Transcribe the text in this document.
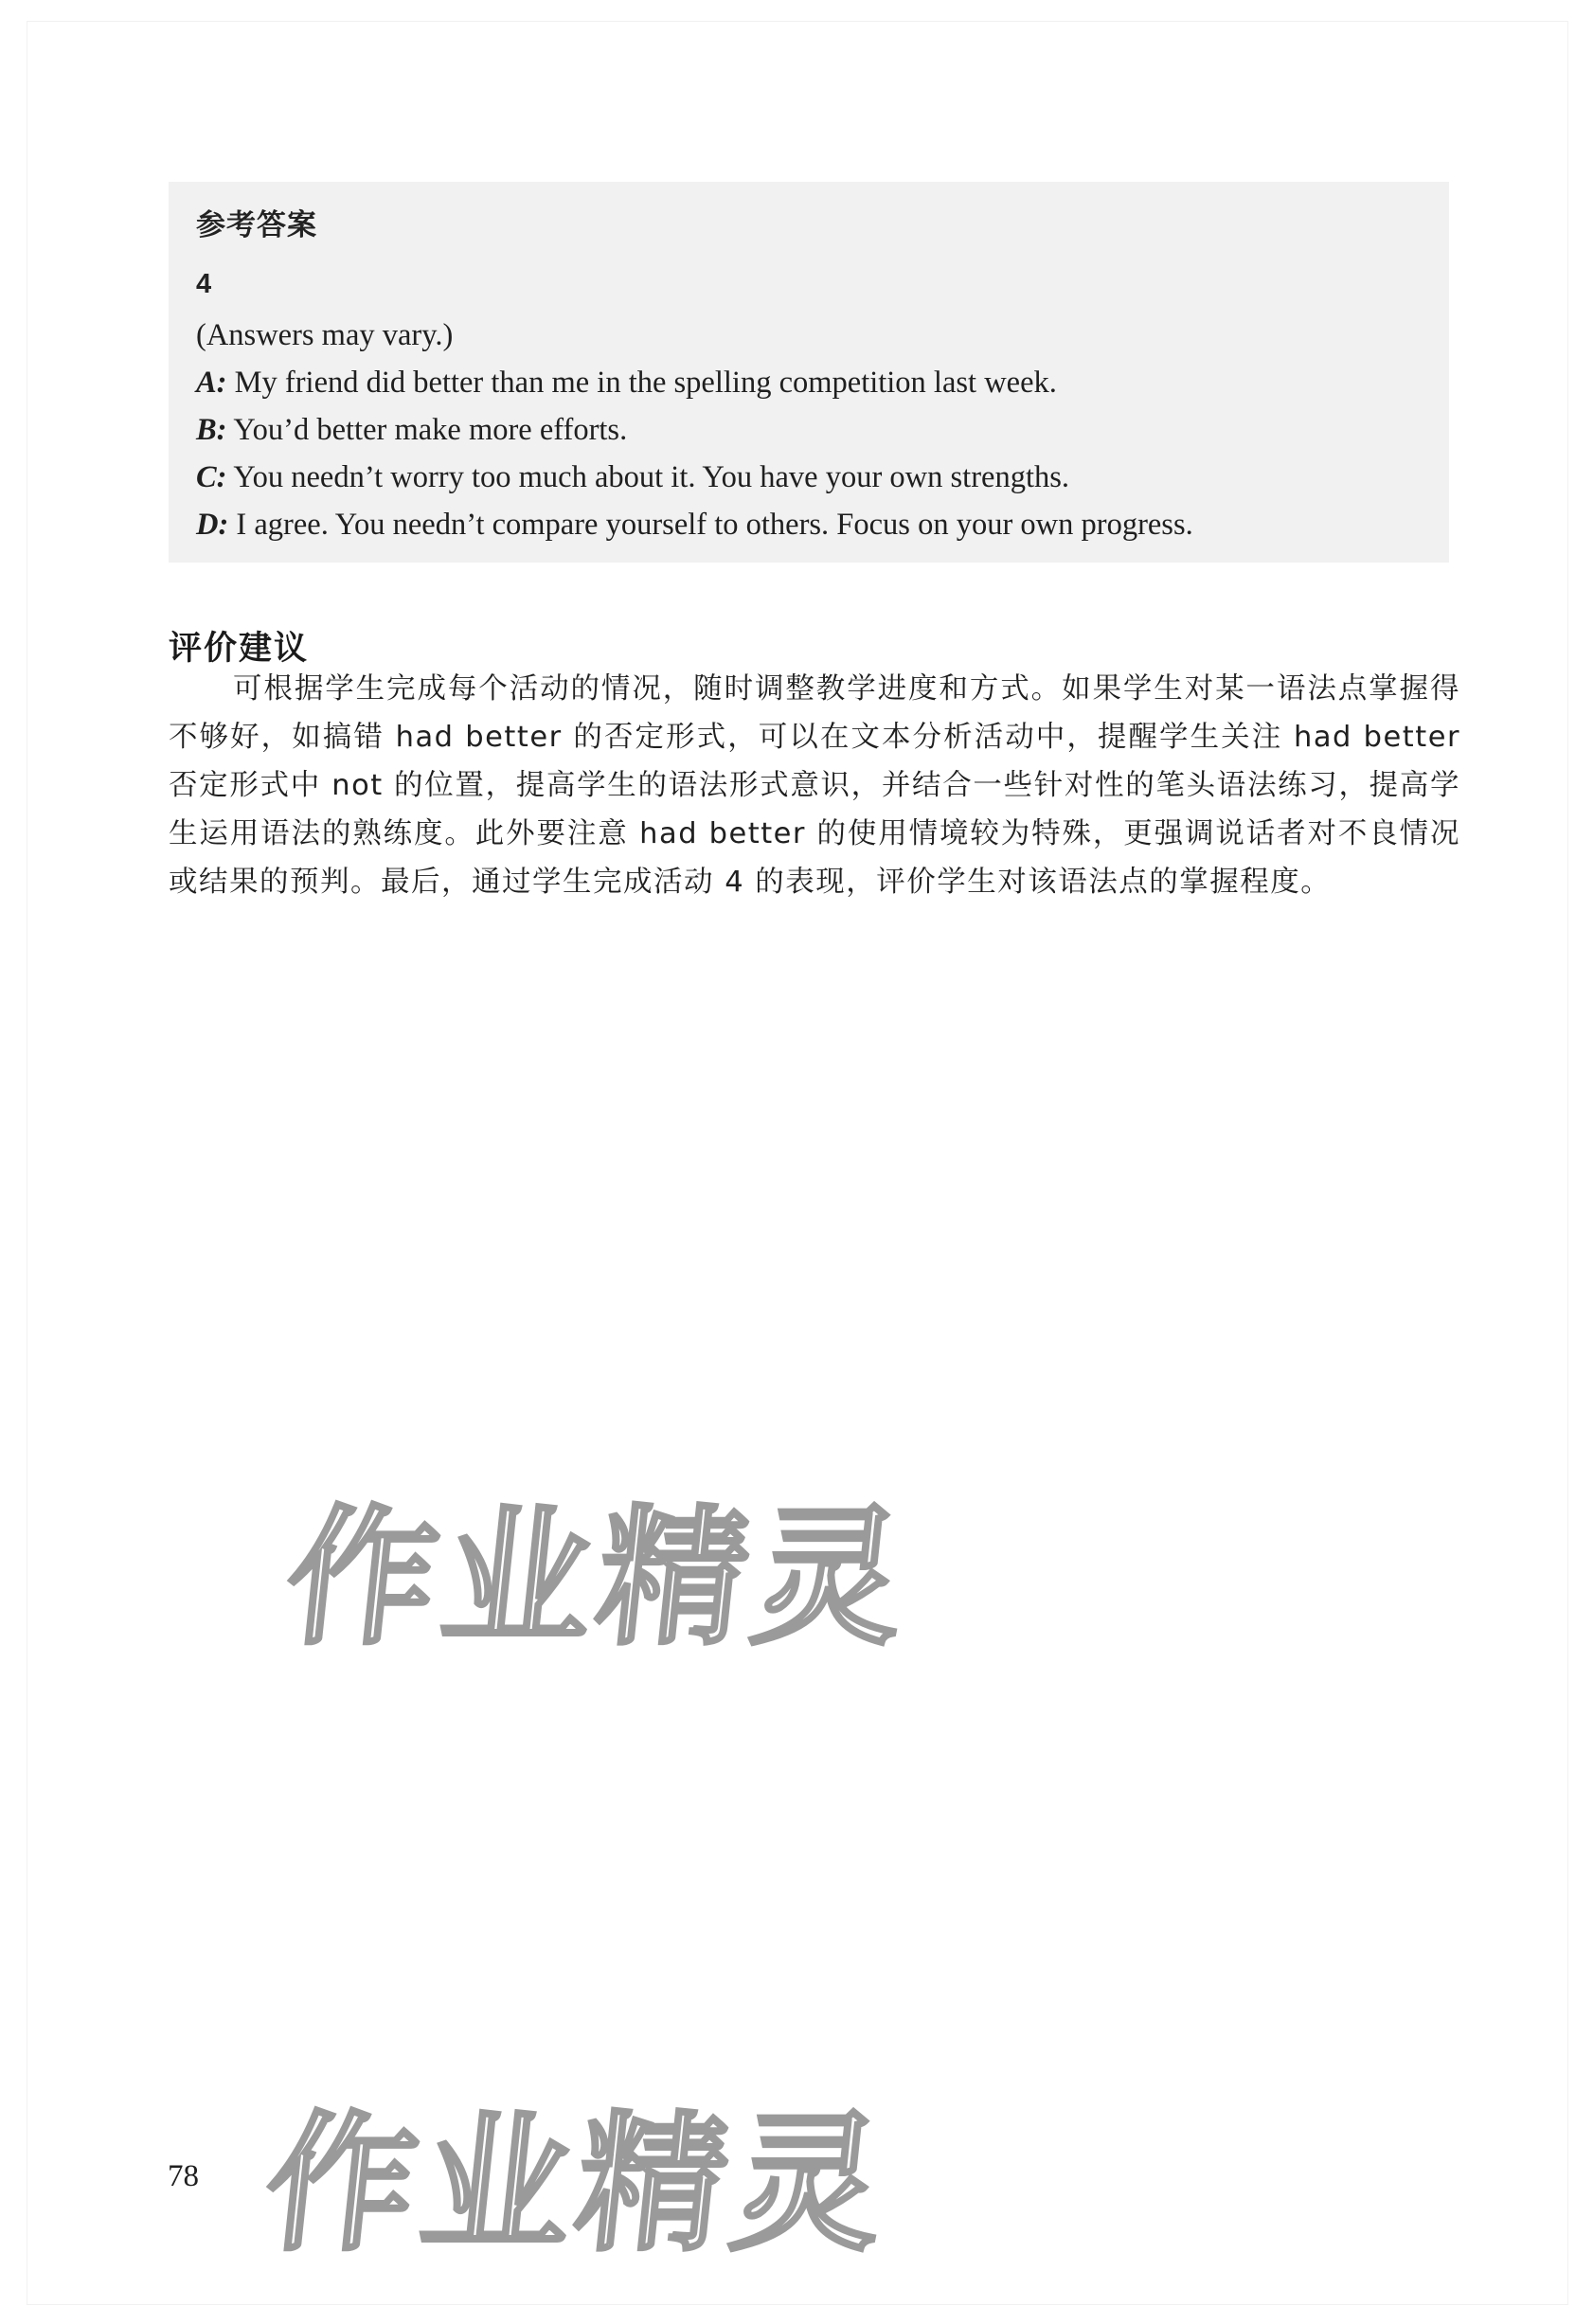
参考答案
4
(Answers may vary.)
A: My friend did better than me in the spelling competition last week.
B: You’d better make more efforts.
C: You needn’t worry too much about it. You have your own strengths.
D: I agree. You needn’t compare yourself to others. Focus on your own progress.
评价建议
可根据学生完成每个活动的情况，随时调整教学进度和方式。如果学生对某一语法点掌握得不够好，如搞错 had better 的否定形式，可以在文本分析活动中，提醒学生关注 had better 否定形式中 not 的位置，提高学生的语法形式意识，并结合一些针对性的笔头语法练习，提高学生运用语法的熟练度。此外要注意 had better 的使用情境较为特殊，更强调说话者对不良情况或结果的预判。最后，通过学生完成活动 4 的表现，评价学生对该语法点的掌握程度。
作业精灵
作业精灵
78
